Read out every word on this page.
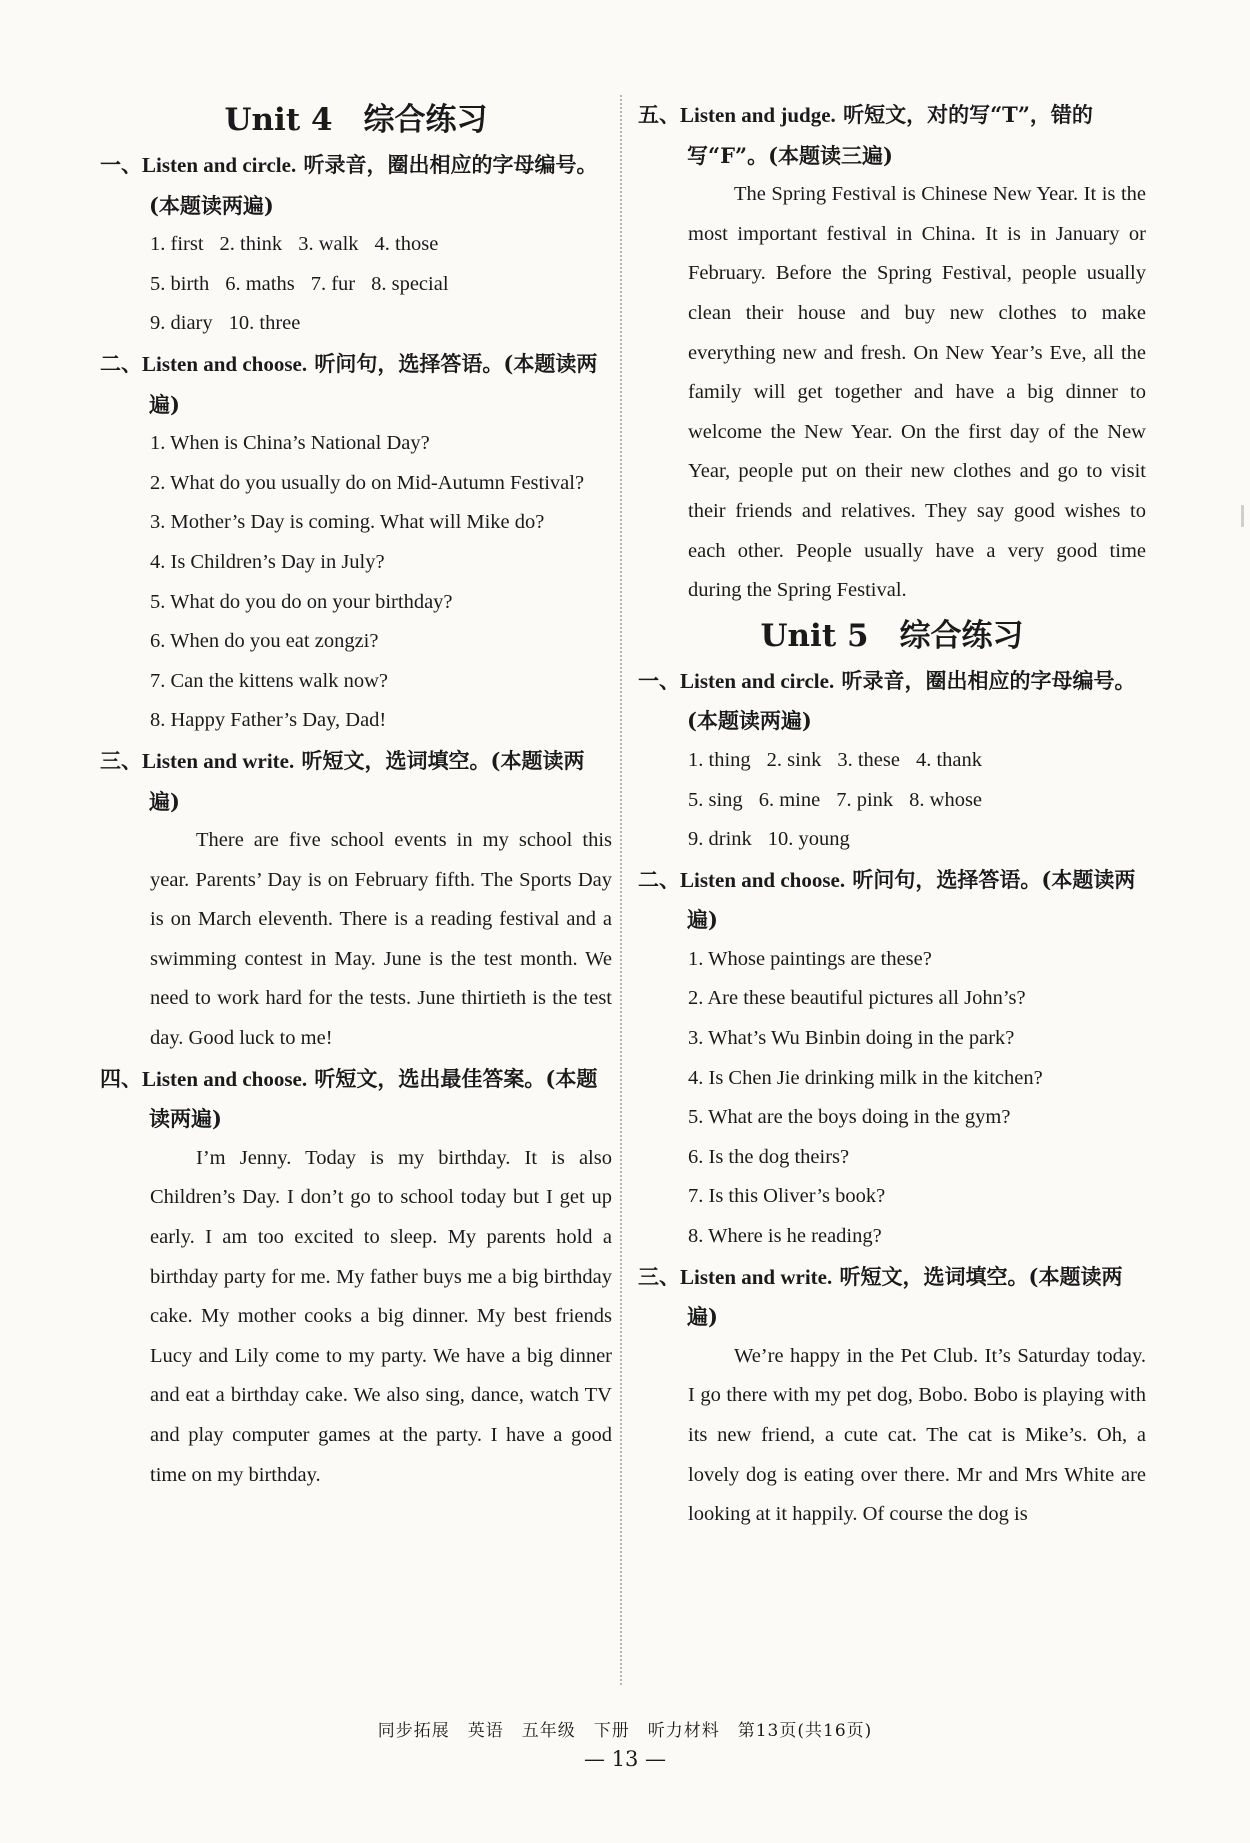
Unit 4　综合练习
一、Listen and circle. 听录音，圈出相应的字母编号。(本题读两遍)
1. first 2. think 3. walk 4. those
5. birth 6. maths 7. fur 8. special
9. diary 10. three
二、Listen and choose. 听问句，选择答语。(本题读两遍)
1. When is China’s National Day?
2. What do you usually do on Mid-Autumn Festival?
3. Mother’s Day is coming. What will Mike do?
4. Is Children’s Day in July?
5. What do you do on your birthday?
6. When do you eat zongzi?
7. Can the kittens walk now?
8. Happy Father’s Day, Dad!
三、Listen and write. 听短文，选词填空。(本题读两遍)
There are five school events in my school this year. Parents’ Day is on February fifth. The Sports Day is on March eleventh. There is a reading festival and a swimming contest in May. June is the test month. We need to work hard for the tests. June thirtieth is the test day. Good luck to me!
四、Listen and choose. 听短文，选出最佳答案。(本题读两遍)
I’m Jenny. Today is my birthday. It is also Children’s Day. I don’t go to school today but I get up early. I am too excited to sleep. My parents hold a birthday party for me. My father buys me a big birthday cake. My mother cooks a big dinner. My best friends Lucy and Lily come to my party. We have a big dinner and eat a birthday cake. We also sing, dance, watch TV and play computer games at the party. I have a good time on my birthday.
五、Listen and judge. 听短文，对的写“T”，错的写“F”。(本题读三遍)
The Spring Festival is Chinese New Year. It is the most important festival in China. It is in January or February. Before the Spring Festival, people usually clean their house and buy new clothes to make everything new and fresh. On New Year’s Eve, all the family will get together and have a big dinner to welcome the New Year. On the first day of the New Year, people put on their new clothes and go to visit their friends and relatives. They say good wishes to each other. People usually have a very good time during the Spring Festival.
Unit 5　综合练习
一、Listen and circle. 听录音，圈出相应的字母编号。(本题读两遍)
1. thing 2. sink 3. these 4. thank
5. sing 6. mine 7. pink 8. whose
9. drink 10. young
二、Listen and choose. 听问句，选择答语。(本题读两遍)
1. Whose paintings are these?
2. Are these beautiful pictures all John’s?
3. What’s Wu Binbin doing in the park?
4. Is Chen Jie drinking milk in the kitchen?
5. What are the boys doing in the gym?
6. Is the dog theirs?
7. Is this Oliver’s book?
8. Where is he reading?
三、Listen and write. 听短文，选词填空。(本题读两遍)
We’re happy in the Pet Club. It’s Saturday today. I go there with my pet dog, Bobo. Bobo is playing with its new friend, a cute cat. The cat is Mike’s. Oh, a lovely dog is eating over there. Mr and Mrs White are looking at it happily. Of course the dog is
同步拓展　英语　五年级　下册　听力材料　第13页(共16页)
— 13 —
